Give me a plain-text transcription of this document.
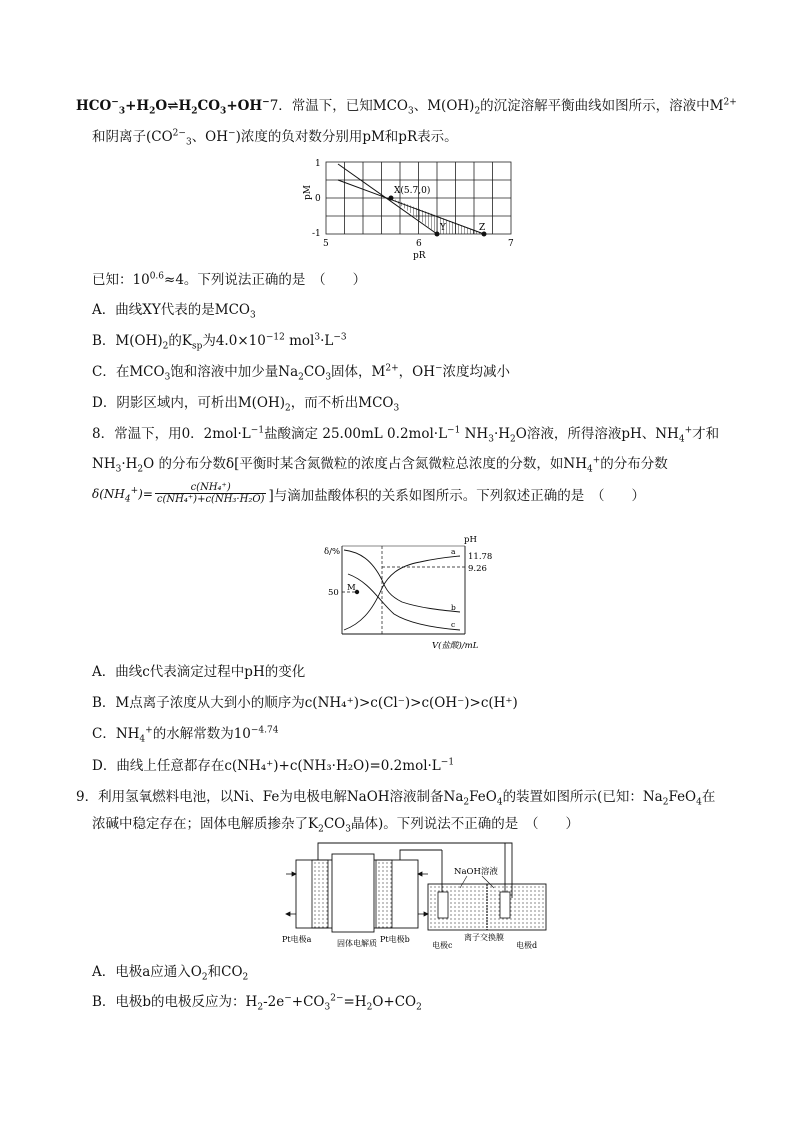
$HCO^-_3+H_2O\rightleftharpoons H_2CO_3+OH^-7$．常温下，已知$MCO_3$、$M(OH)_2$的沉淀溶解平衡曲线如图所示，溶液中$M^{2+}$
和阴离子($CO^{2-}_3$、OH−)浓度的负对数分别用pM和pR表示。
X(5.7,0)
Y	Z
1
0
-1
5	6	7
pR
pM
已知：$10^{0.6}\approx 4$。下列说法正确的是　（　　）
A．曲线XY代表的是$MCO_3$
B．$M(OH)_2$的$K_{sp}$为$4.0\times 10^{-12}$ $mol^3\cdot L^{-3}$
C．在$MCO_3$饱和溶液中加少量$Na_2CO_3$固体，$M^{2+}$，OH−浓度均减小
D．阴影区域内，可析出$M(OH)_2$，而不析出$MCO_3$
8．常温下，用0．$2mol\cdot L^{-1}$盐酸滴定 25.00mL $0.2mol\cdot L^{-1}$ $NH_3\cdot H_2O$溶液，所得溶液pH、$NH_4^+$才和
$NH_3\cdot H_2O$ 的分布分数δ[平衡时某含氮微粒的浓度占含氮微粒总浓度的分数，如$NH_4^+$的分布分数
$\delta(NH_4^+)= \frac{\text{c(NH₄⁺)}}{\text{c(NH₄⁺)+c(NH₃·H₂O)}}$ ]与滴加盐酸体积的关系如图所示。下列叙述正确的是　（　　）
δ/%
pH
50
11.78
9.26
M
a
b
c
V(盐酸)/mL
A．曲线c代表滴定过程中pH的变化
B．M点离子浓度从大到小的顺序为c(NH₄⁺)>c(Cl⁻)>c(OH⁻)>c(H⁺)
C．$NH_4^+$的水解常数为$10^{-4.74}$
D．曲线上任意都存在$c(NH_4^+)+c(NH_3\cdot H_2O)=0.2mol\cdot L^{-1}$
9．利用氢氧燃料电池，以Ni、Fe为电极电解NaOH溶液制备$Na_2FeO_4$的装置如图所示(已知：$Na_2FeO_4$在
浓碱中稳定存在；固体电解质掺杂了$K_2CO_3$晶体)。下列说法不正确的是　（　　）
NaOH溶液
Pt电极a	固体电解质 Pt电极b	离子交换膜
电极c	电极d
A．电极a应通入$O_2$和$CO_2$
B．电极b的电极反应为：$H_2-2e^-+CO_3^{2-}=H_2O+CO_2$
